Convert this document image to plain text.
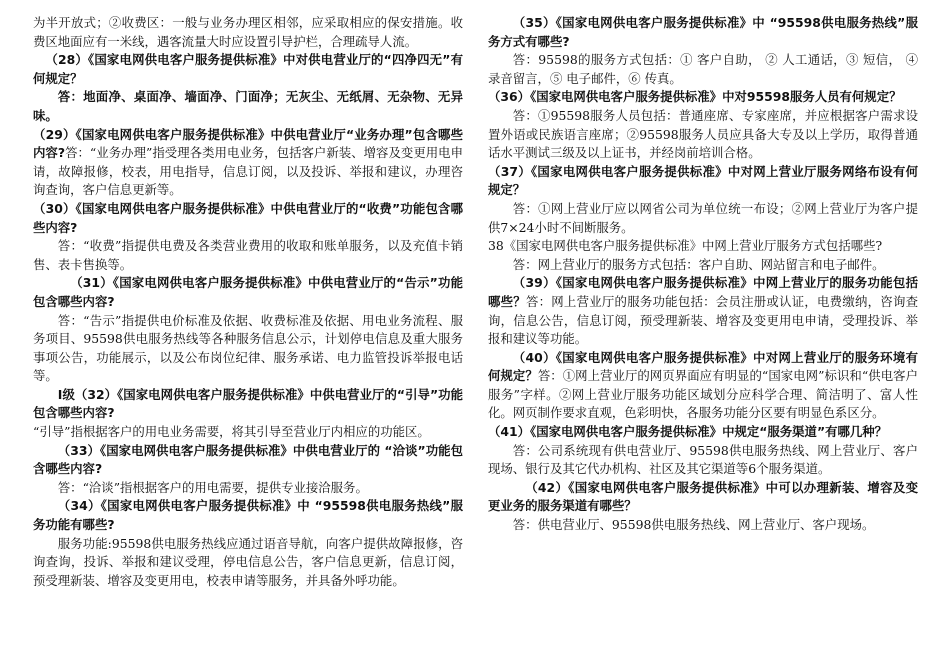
为半开放式；②收费区：一般与业务办理区相邻，应采取相应的保安措施。收费区地面应有一米线，遇客流量大时应设置引导护栏，合理疏导人流。

（28）《国家电网供电客户服务提供标准》中对供电营业厅的“四净四无”有何规定？

答：地面净、桌面净、墙面净、门面净；无灰尘、无纸屑、无杂物、无异味。

（29）《国家电网供电客户服务提供标准》中供电营业厅“业务办理”包含哪些内容?答：“业务办理”指受理各类用电业务，包括客户新装、增容及变更用电申请，故障报修，校表，用电指导，信息订阅，以及投诉、举报和建议，办理咨询查询，客户信息更新等。

（30）《国家电网供电客户服务提供标准》中供电营业厅的“收费”功能包含哪些内容?

答：“收费”指提供电费及各类营业费用的收取和账单服务，以及充值卡销售、表卡售换等。

（31）《国家电网供电客户服务提供标准》中供电营业厅的“告示”功能包含哪些内容?

答：“告示”指提供电价标准及依据、收费标准及依据、用电业务流程、服务项目、95598供电服务热线等各种服务信息公示，计划停电信息及重大服务事项公告，功能展示，以及公布岗位纪律、服务承诺、电力监管投诉举报电话等。

Ⅰ级（32）《国家电网供电客户服务提供标准》中供电营业厅的“引导”功能包含哪些内容?

“引导”指根据客户的用电业务需要，将其引导至营业厅内相应的功能区。

（33）《国家电网供电客户服务提供标准》中供电营业厅的 “洽谈”功能包含哪些内容?

答：“洽谈”指根据客户的用电需要，提供专业接洽服务。

（34）《国家电网供电客户服务提供标准》中 “95598供电服务热线”服务功能有哪些?

服务功能:95598供电服务热线应通过语音导航，向客户提供故障报修，咨询查询，投诉、举报和建议受理，停电信息公告，客户信息更新，信息订阅，预受理新装、增容及变更用电，校表申请等服务，并具备外呼功能。

（35）《国家电网供电客户服务提供标准》中 “95598供电服务热线”服务方式有哪些?

答：95598的服务方式包括：① 客户自助， ② 人工通话，③ 短信， ④ 录音留言，⑤ 电子邮件，⑥ 传真。

（36）《国家电网供电客户服务提供标准》中对95598服务人员有何规定？

答：①95598服务人员包括：普通座席、专家座席，并应根据客户需求设置外语或民族语言座席；②95598服务人员应具备大专及以上学历，取得普通话水平测试三级及以上证书，并经岗前培训合格。

（37）《国家电网供电客户服务提供标准》中对网上营业厅服务网络布设有何规定？

答：①网上营业厅应以网省公司为单位统一布设；②网上营业厅为客户提供7×24小时不间断服务。

38《国家电网供电客户服务提供标准》中网上营业厅服务方式包括哪些?

答：网上营业厅的服务方式包括：客户自助、网站留言和电子邮件。

（39）《国家电网供电客户服务提供标准》中网上营业厅的服务功能包括哪些？答：网上营业厅的服务功能包括：会员注册或认证，电费缴纳，咨询查询，信息公告，信息订阅，预受理新装、增容及变更用电申请，受理投诉、举报和建议等功能。

（40）《国家电网供电客户服务提供标准》中对网上营业厅的服务环境有何规定？答：①网上营业厅的网页界面应有明显的“国家电网”标识和“供电客户服务”字样。②网上营业厅服务功能区域划分应科学合理、简洁明了、富人性化。网页制作要求直观，色彩明快，各服务功能分区要有明显色系区分。

（41）《国家电网供电客户服务提供标准》中规定“服务渠道”有哪几种？

答：公司系统现有供电营业厅、95598供电服务热线、网上营业厅、客户现场、银行及其它代办机构、社区及其它渠道等6个服务渠道。

（42）《国家电网供电客户服务提供标准》中可以办理新装、增容及变更业务的服务渠道有哪些？

答：供电营业厅、95598供电服务热线、网上营业厅、客户现场。
